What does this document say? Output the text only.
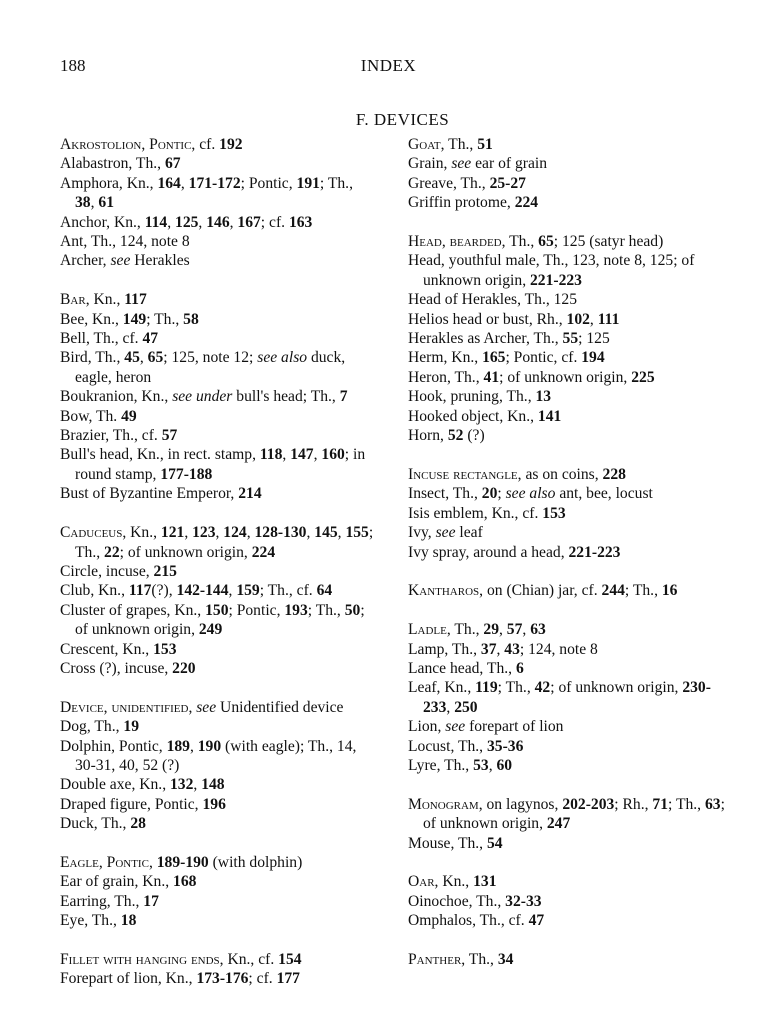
188	INDEX
F. DEVICES
Akrostolion, Pontic, cf. 192
Alabastron, Th., 67
Amphora, Kn., 164, 171-172; Pontic, 191; Th., 38, 61
Anchor, Kn., 114, 125, 146, 167; cf. 163
Ant, Th., 124, note 8
Archer, see Herakles
Bar, Kn., 117
Bee, Kn., 149; Th., 58
Bell, Th., cf. 47
Bird, Th., 45, 65; 125, note 12; see also duck, eagle, heron
Boukranion, Kn., see under bull's head; Th., 7
Bow, Th. 49
Brazier, Th., cf. 57
Bull's head, Kn., in rect. stamp, 118, 147, 160; in round stamp, 177-188
Bust of Byzantine Emperor, 214
Caduceus, Kn., 121, 123, 124, 128-130, 145, 155; Th., 22; of unknown origin, 224
Circle, incuse, 215
Club, Kn., 117(?), 142-144, 159; Th., cf. 64
Cluster of grapes, Kn., 150; Pontic, 193; Th., 50; of unknown origin, 249
Crescent, Kn., 153
Cross (?), incuse, 220
Device, unidentified, see Unidentified device
Dog, Th., 19
Dolphin, Pontic, 189, 190 (with eagle); Th., 14, 30-31, 40, 52 (?)
Double axe, Kn., 132, 148
Draped figure, Pontic, 196
Duck, Th., 28
Eagle, Pontic, 189-190 (with dolphin)
Ear of grain, Kn., 168
Earring, Th., 17
Eye, Th., 18
Fillet with hanging ends, Kn., cf. 154
Forepart of lion, Kn., 173-176; cf. 177
Goat, Th., 51
Grain, see ear of grain
Greave, Th., 25-27
Griffin protome, 224
Head, bearded, Th., 65; 125 (satyr head)
Head, youthful male, Th., 123, note 8, 125; of unknown origin, 221-223
Head of Herakles, Th., 125
Helios head or bust, Rh., 102, 111
Herakles as Archer, Th., 55; 125
Herm, Kn., 165; Pontic, cf. 194
Heron, Th., 41; of unknown origin, 225
Hook, pruning, Th., 13
Hooked object, Kn., 141
Horn, 52 (?)
Incuse rectangle, as on coins, 228
Insect, Th., 20; see also ant, bee, locust
Isis emblem, Kn., cf. 153
Ivy, see leaf
Ivy spray, around a head, 221-223
Kantharos, on (Chian) jar, cf. 244; Th., 16
Ladle, Th., 29, 57, 63
Lamp, Th., 37, 43; 124, note 8
Lance head, Th., 6
Leaf, Kn., 119; Th., 42; of unknown origin, 230-233, 250
Lion, see forepart of lion
Locust, Th., 35-36
Lyre, Th., 53, 60
Monogram, on lagynos, 202-203; Rh., 71; Th., 63; of unknown origin, 247
Mouse, Th., 54
Oar, Kn., 131
Oinochoe, Th., 32-33
Omphalos, Th., cf. 47
Panther, Th., 34
